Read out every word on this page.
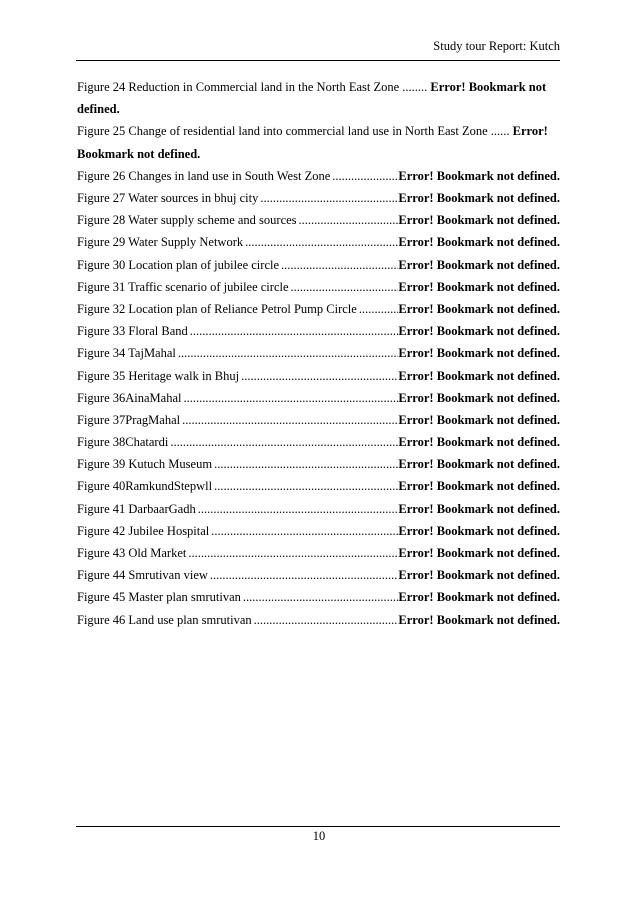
Study tour Report: Kutch
Figure 24 Reduction in Commercial land in the North East Zone ........ Error! Bookmark not defined.
Figure 25 Change of residential land into commercial land use in North East Zone ...... Error! Bookmark not defined.
Figure 26 Changes in land use in South West Zone .....	Error! Bookmark not defined.
Figure 27 Water sources in bhuj city .....	Error! Bookmark not defined.
Figure 28 Water supply scheme and sources .....	Error! Bookmark not defined.
Figure 29 Water Supply Network .....	Error! Bookmark not defined.
Figure 30 Location plan of jubilee circle .....	Error! Bookmark not defined.
Figure 31 Traffic scenario of jubilee circle .....	Error! Bookmark not defined.
Figure 32 Location plan of Reliance Petrol Pump Circle .....	Error! Bookmark not defined.
Figure 33 Floral Band .....	Error! Bookmark not defined.
Figure 34 TajMahal .....	Error! Bookmark not defined.
Figure 35 Heritage walk in Bhuj .....	Error! Bookmark not defined.
Figure 36AinaMahal .....	Error! Bookmark not defined.
Figure 37PragMahal .....	Error! Bookmark not defined.
Figure 38Chatardi .....	Error! Bookmark not defined.
Figure 39 Kutuch Museum .....	Error! Bookmark not defined.
Figure 40RamkundStepwll .....	Error! Bookmark not defined.
Figure 41 DarbaarGadh .....	Error! Bookmark not defined.
Figure 42 Jubilee Hospital .....	Error! Bookmark not defined.
Figure 43 Old Market .....	Error! Bookmark not defined.
Figure 44 Smrutivan view .....	Error! Bookmark not defined.
Figure 45 Master plan smrutivan .....	Error! Bookmark not defined.
Figure 46 Land use plan smrutivan .....	Error! Bookmark not defined.
10
